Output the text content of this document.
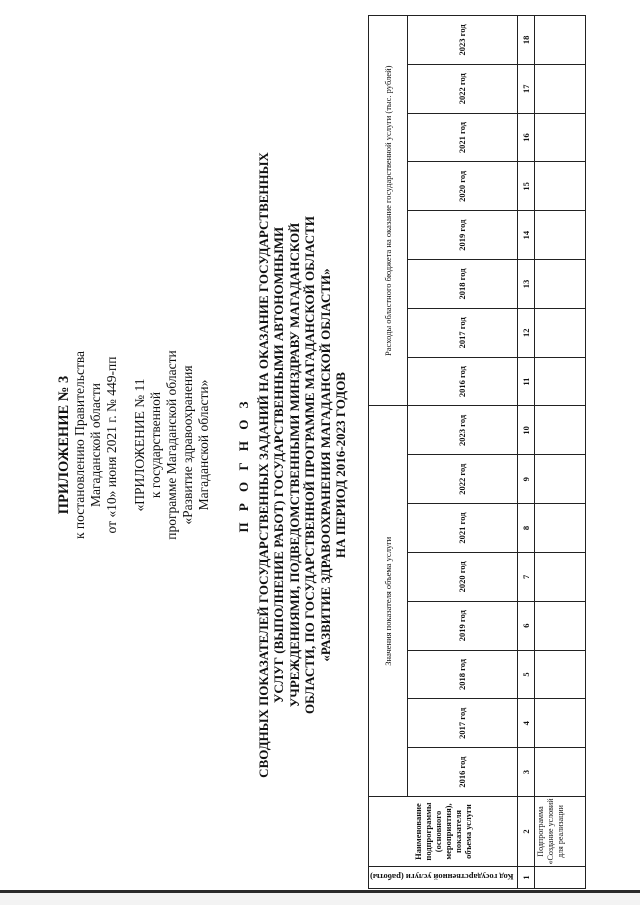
ПРИЛОЖЕНИЕ № 3 к постановлению Правительства Магаданской области от «10» июня 2021 г. № 449-пп «ПРИЛОЖЕНИЕ № 11 к государственной программе Магаданской области «Развитие здравоохранения Магаданской области» П Р О Г Н О З СВОДНЫХ ПОКАЗАТЕЛЕЙ ГОСУДАРСТВЕННЫХ ЗАДАНИЙ НА ОКАЗАНИЕ ГОСУДАРСТВЕННЫХ УСЛУГ (ВЫПОЛНЕНИЕ РАБОТ) ГОСУДАРСТВЕННЫМИ АВТОНОМНЫМИ УЧРЕЖДЕНИЯМИ, ПОДВЕДОМСТВЕННЫМИ МИНЗДРАВУ МАГАДАНСКОЙ ОБЛАСТИ, ПО ГОСУДАРСТВЕННОЙ ПРОГРАММЕ МАГАДАНСКОЙ ОБЛАСТИ «РАЗВИТИЕ ЗДРАВООХРАНЕНИЯ МАГАДАНСКОЙ ОБЛАСТИ» НА ПЕРИОД 2016-2023 ГОДОВ
Код государственной услуги (работы)	Наименование подпрограммы (основного мероприятия), показателя объема услуги	Значения показателя объема услуги								Расходы областного бюджета на оказание государственной услуги (тыс. рублей)							
		2016 год	2017 год	2018 год	2019 год	2020 год	2021 год	2022 год	2023 год	2016 год	2017 год	2018 год	2019 год	2020 год	2021 год	2022 год	2023 год
1	2	3	4	5	6	7	8	9	10	11	12	13	14	15	16	17	18
	Подпрограмма «Создание условий для реализации																
